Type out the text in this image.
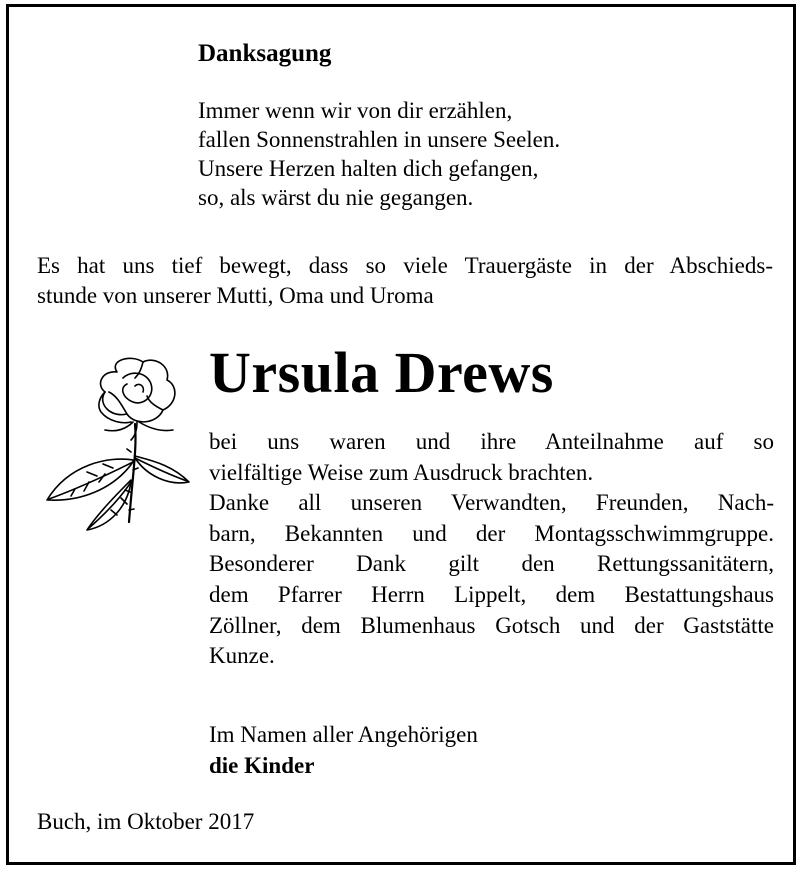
Danksagung
Immer wenn wir von dir erzählen,
fallen Sonnenstrahlen in unsere Seelen.
Unsere Herzen halten dich gefangen,
so, als wärst du nie gegangen.
Es hat uns tief bewegt, dass so viele Trauergäste in der Abschieds-
stunde von unserer Mutti, Oma und Uroma
Ursula Drews
bei uns waren und ihre Anteilnahme auf so
vielfältige Weise zum Ausdruck brachten.
Danke all unseren Verwandten, Freunden, Nach-
barn, Bekannten und der Montagsschwimmgruppe.
Besonderer Dank gilt den Rettungssanitätern,
dem Pfarrer Herrn Lippelt, dem Bestattungshaus
Zöllner, dem Blumenhaus Gotsch und der Gaststätte
Kunze.
Im Namen aller Angehörigen
die Kinder
Buch, im Oktober 2017
